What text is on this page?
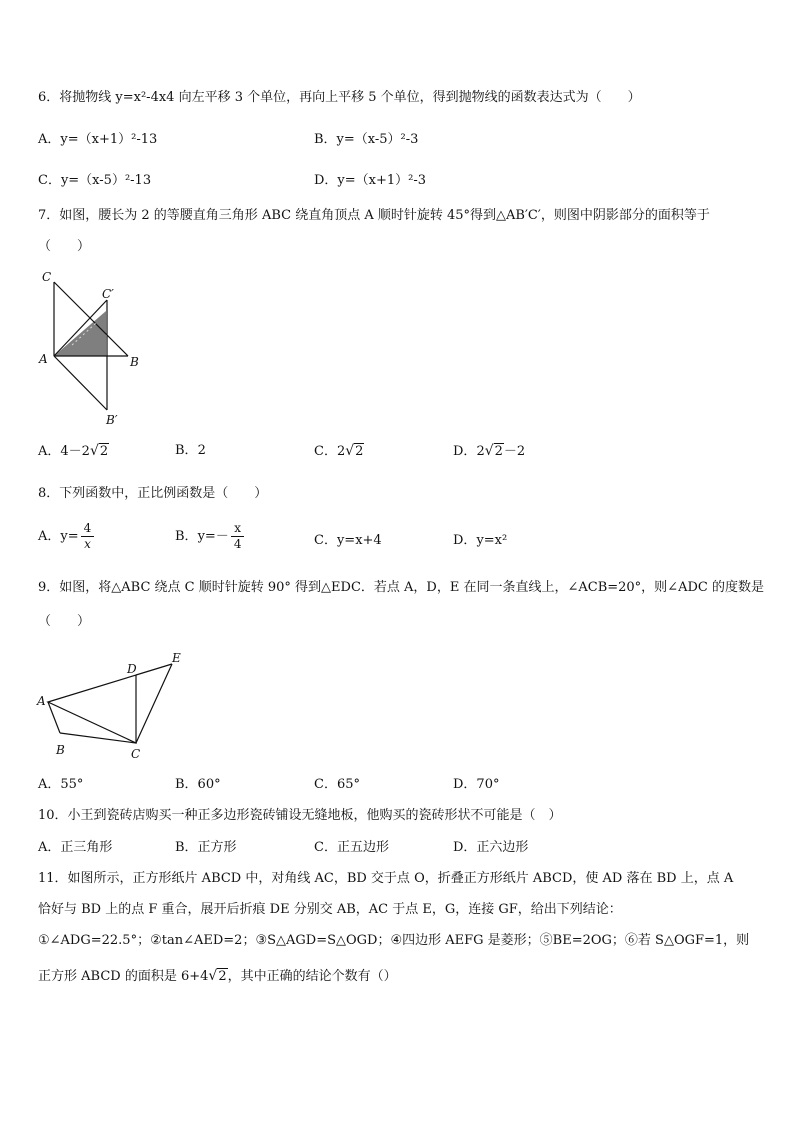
6．将抛物线 y=x²-4x4 向左平移 3 个单位，再向上平移 5 个单位，得到抛物线的函数表达式为（　　）
A．y=（x+1）²-13	B．y=（x-5）²-3
C．y=（x-5）²-13	D．y=（x+1）²-3
7．如图，腰长为 2 的等腰直角三角形 ABC 绕直角顶点 A 顺时针旋转 45°得到△AB′C′，则图中阴影部分的面积等于
（　　）
C
C′
A	B
B′
A．4－2√2	B．2	C．2√2	D．2√2－2
8．下列函数中，正比例函数是（　　）
A．$y= \frac{4}{x}$	B．$y=- \frac{x}{4}$	C．y=x+4	D．y=x²
9．如图，将△ABC 绕点 C 顺时针旋转 90° 得到△EDC．若点 A，D，E 在同一条直线上，∠ACB=20°，则∠ADC 的度数是
（　　）
D
E
A
B	C
A．55°	B．60°	C．65°	D．70°
10．小王到瓷砖店购买一种正多边形瓷砖铺设无缝地板，他购买的瓷砖形状不可能是（　）
A．正三角形	B．正方形	C．正五边形	D．正六边形
11．如图所示，正方形纸片 ABCD 中，对角线 AC，BD 交于点 O，折叠正方形纸片 ABCD，使 AD 落在 BD 上，点 A
恰好与 BD 上的点 F 重合，展开后折痕 DE 分别交 AB，AC 于点 E，G，连接 GF，给出下列结论：
①∠ADG=22.5°；②tan∠AED=2；③S△AGD=S△OGD；④四边形 AEFG 是菱形；⑤BE=2OG；⑥若 S△OGF=1，则
正方形 ABCD 的面积是 6+4√2，其中正确的结论个数有（）
